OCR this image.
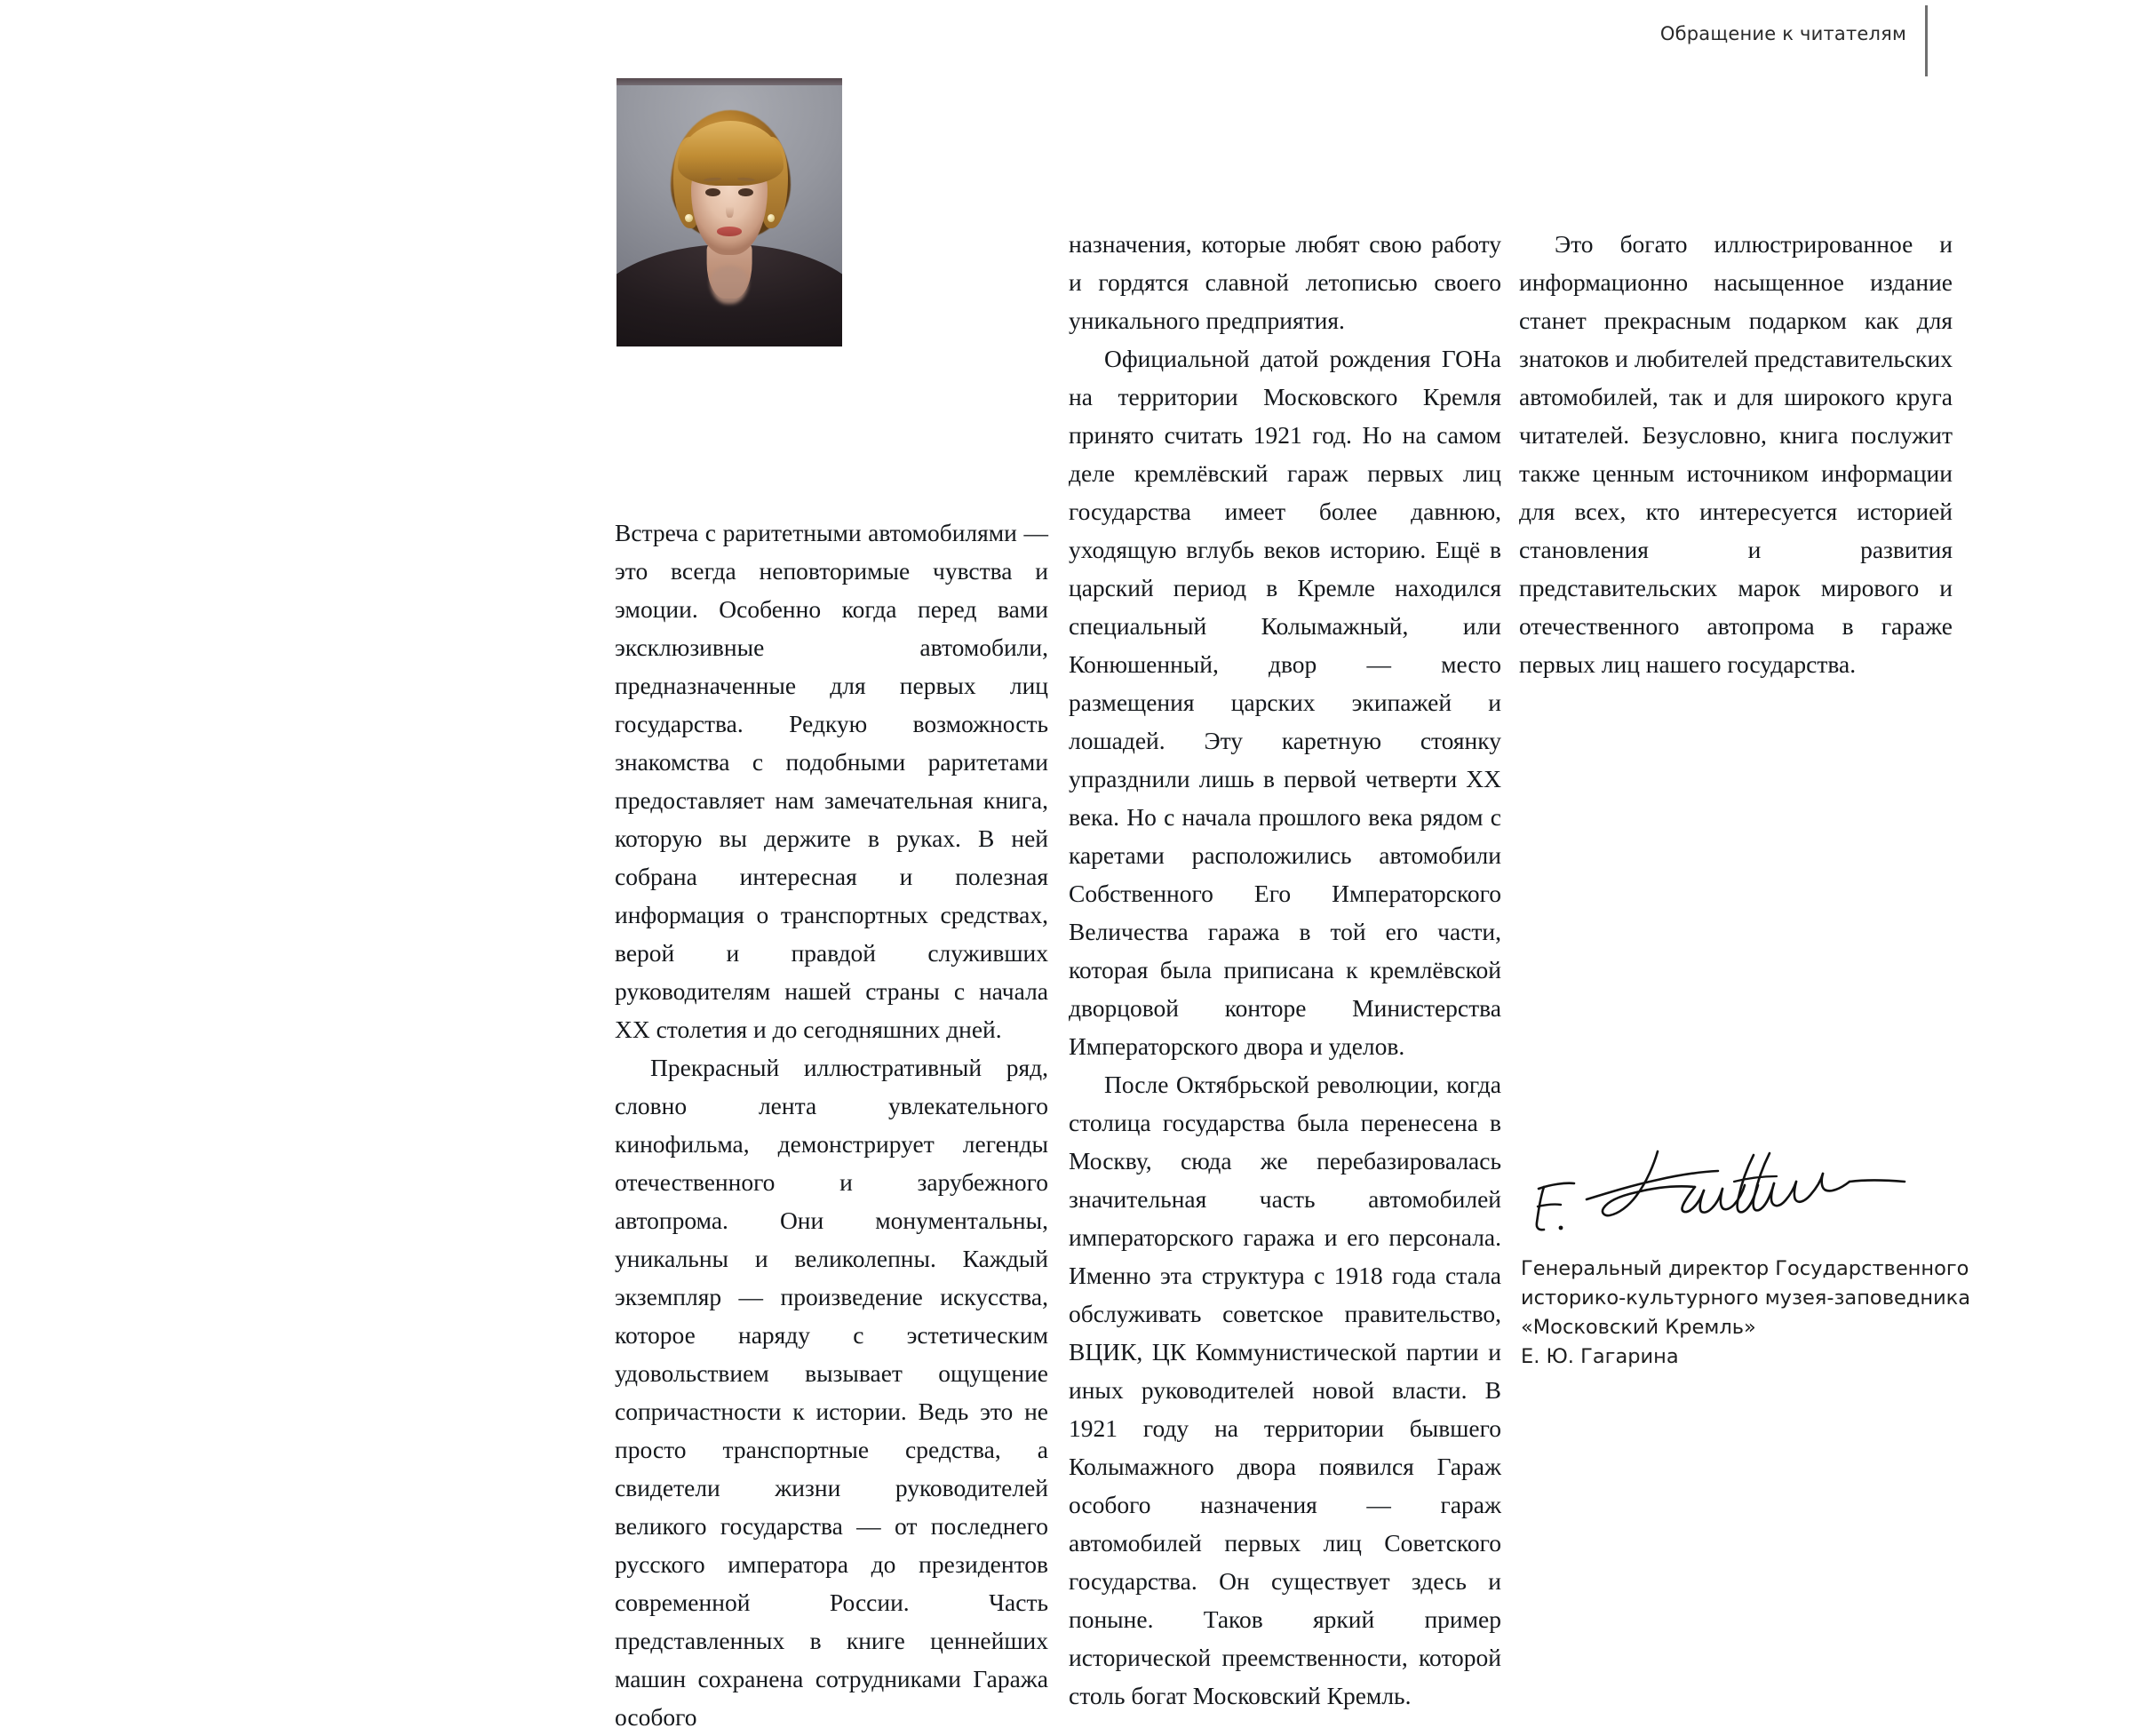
Обращение к читателям

Встреча с раритетными автомобилями — это всегда неповторимые чувства и эмоции. Особенно когда перед вами эксклюзивные автомобили, предназначенные для первых лиц государства. Редкую возможность знакомства с подобными раритетами предоставляет нам замечательная книга, которую вы держите в руках. В ней собрана интересная и полезная информация о транспортных средствах, верой и правдой служивших руководителям нашей страны с начала XX столетия и до сегодняшних дней.

Прекрасный иллюстративный ряд, словно лента увлекательного кинофильма, демонстрирует легенды отечественного и зарубежного автопрома. Они монументальны, уникальны и великолепны. Каждый экземпляр — произведение искусства, которое наряду с эстетическим удовольствием вызывает ощущение сопричастности к истории. Ведь это не просто транспортные средства, а свидетели жизни руководителей великого государства — от последнего русского императора до президентов современной России. Часть представленных в книге ценнейших машин сохранена сотрудниками Гаража особого

назначения, которые любят свою работу и гордятся славной летописью своего уникального предприятия.

Официальной датой рождения ГОНа на территории Московского Кремля принято считать 1921 год. Но на самом деле кремлёвский гараж первых лиц государства имеет более давнюю, уходящую вглубь веков историю. Ещё в царский период в Кремле находился специальный Колымажный, или Конюшенный, двор — место размещения царских экипажей и лошадей. Эту каретную стоянку упразднили лишь в первой четверти XX века. Но с начала прошлого века рядом с каретами расположились автомобили Собственного Его Императорского Величества гаража в той его части, которая была приписана к кремлёвской дворцовой конторе Министерства Императорского двора и уделов.

После Октябрьской революции, когда столица государства была перенесена в Москву, сюда же перебазировалась значительная часть автомобилей императорского гаража и его персонала. Именно эта структура с 1918 года стала обслуживать советское правительство, ВЦИК, ЦК Коммунистической партии и иных руководителей новой власти. В 1921 году на территории бывшего Колымажного двора появился Гараж особого назначения — гараж автомобилей первых лиц Советского государства. Он существует здесь и поныне. Таков яркий пример исторической преемственности, которой столь богат Московский Кремль.

Это богато иллюстрированное и информационно насыщенное издание станет прекрасным подарком как для знатоков и любителей представительских автомобилей, так и для широкого круга читателей. Безусловно, книга послужит также ценным источником информации для всех, кто интересуется историей становления и развития представительских марок мирового и отечественного автопрома в гараже первых лиц нашего государства.

Генеральный директор Государственного
историко-культурного музея-заповедника
«Московский Кремль»
Е. Ю. Гагарина
